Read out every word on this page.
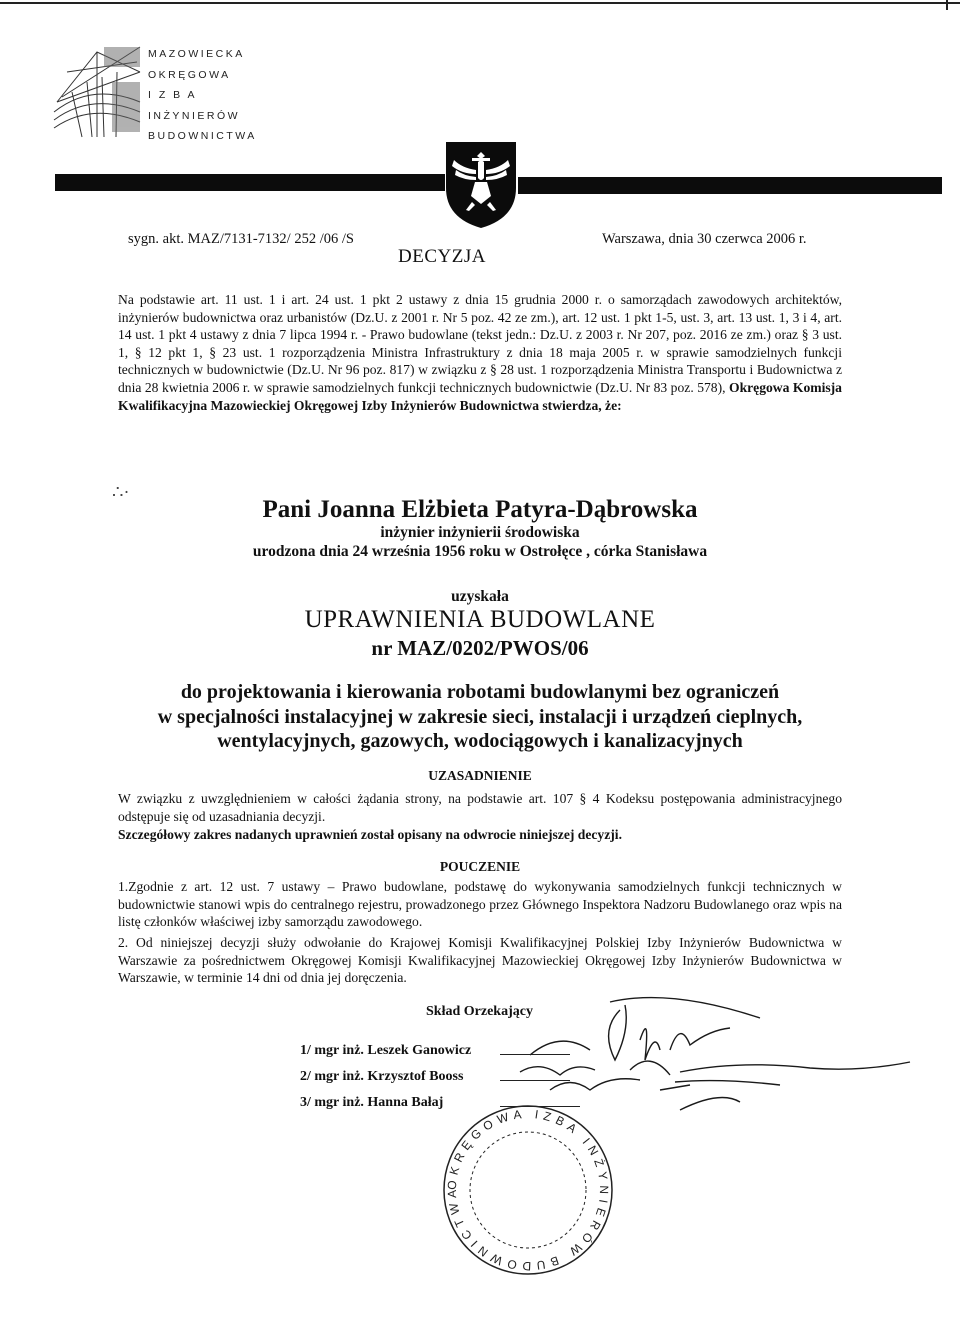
MAZOWIECKA
OKRĘGOWA
I Z B A
INŻYNIERÓW
BUDOWNICTWA
sygn. akt. MAZ/7131-7132/ 252 /06 /S	Warszawa, dnia 30 czerwca 2006 r.
DECYZJA
Na podstawie art. 11 ust. 1 i art. 24 ust. 1 pkt 2 ustawy z dnia 15 grudnia 2000 r. o samorządach zawodowych architektów, inżynierów budownictwa oraz urbanistów (Dz.U. z 2001 r. Nr 5 poz. 42 ze zm.), art. 12 ust. 1 pkt 1-5, ust. 3, art. 13 ust. 1, 3 i 4, art. 14 ust. 1 pkt 4 ustawy z dnia 7 lipca 1994 r. - Prawo budowlane (tekst jedn.: Dz.U. z 2003 r. Nr 207, poz. 2016 ze zm.) oraz § 3 ust. 1, § 12 pkt 1, § 23 ust. 1 rozporządzenia Ministra Infrastruktury z dnia 18 maja 2005 r. w sprawie samodzielnych funkcji technicznych w budownictwie (Dz.U. Nr 96 poz. 817) w związku z § 28 ust. 1 rozporządzenia Ministra Transportu i Budownictwa z dnia 28 kwietnia 2006 r. w sprawie samodzielnych funkcji technicznych budownictwie (Dz.U. Nr 83 poz. 578), Okręgowa Komisja Kwalifikacyjna Mazowieckiej Okręgowej Izby Inżynierów Budownictwa stwierdza, że:
∴·
Pani Joanna Elżbieta Patyra-Dąbrowska
inżynier inżynierii środowiska
urodzona dnia 24 września 1956 roku w Ostrołęce , córka Stanisława
uzyskała
UPRAWNIENIA BUDOWLANE
nr MAZ/0202/PWOS/06
do projektowania i kierowania robotami budowlanymi bez ograniczeń
w specjalności instalacyjnej w zakresie sieci, instalacji i urządzeń cieplnych,
wentylacyjnych, gazowych, wodociągowych i kanalizacyjnych
UZASADNIENIE
W związku z uwzględnieniem w całości żądania strony, na podstawie art. 107 § 4 Kodeksu postępowania administracyjnego odstępuje się od uzasadniania decyzji.
Szczegółowy zakres nadanych uprawnień został opisany na odwrocie niniejszej decyzji.
POUCZENIE
1.Zgodnie z art. 12 ust. 7 ustawy – Prawo budowlane, podstawę do wykonywania samodzielnych funkcji technicznych w budownictwie stanowi wpis do centralnego rejestru, prowadzonego przez Głównego Inspektora Nadzoru Budowlanego oraz wpis na listę członków właściwej izby samorządu zawodowego.
2. Od niniejszej decyzji służy odwołanie do Krajowej Komisji Kwalifikacyjnej Polskiej Izby Inżynierów Budownictwa w Warszawie za pośrednictwem Okręgowej Komisji Kwalifikacyjnej Mazowieckiej Okręgowej Izby Inżynierów Budownictwa w Warszawie, w terminie 14 dni od dnia jej doręczenia.
Skład Orzekający
1/ mgr inż. Leszek Ganowicz
2/ mgr inż. Krzysztof Booss
3/ mgr inż. Hanna Bałaj
OKRĘGOWA IZBA INŻYNIERÓW BUDOWNICTWA
